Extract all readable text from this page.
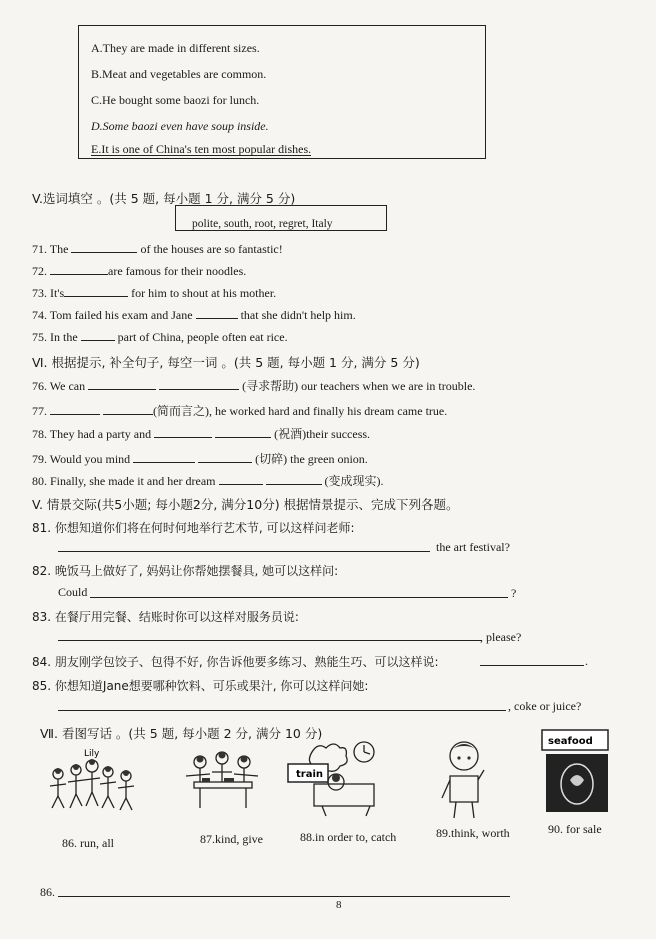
A.They are made in different sizes.
B.Meat and vegetables are common.
C.He bought some baozi for lunch.
D.Some baozi even have soup inside.
E.It is one of China's ten most popular dishes.
V.选词填空 。(共 5 题, 每小题 1 分, 满分 5 分)
polite, south, root, regret, Italy
71. The	of the houses are so fantastic!
72.	are famous for their noodles.
73. It's	for him to shout at his mother.
74. Tom failed his exam and Jane	that she didn't help him.
75. In the	part of China, people often eat rice.
Ⅵ. 根据提示, 补全句子, 每空一词 。(共 5 题, 每小题 1 分, 满分 5 分)
76. We can	(寻求帮助) our teachers when we are in trouble.
77.	(简而言之), he worked hard and finally his dream came true.
78. They had a party and	(祝酒)their success.
79. Would you mind	(切碎) the green onion.
80. Finally, she made it and her dream	(变成现实).
V. 情景交际(共5小题; 每小题2分, 满分10分) 根据情景提示、完成下列各题。
81. 你想知道你们将在何时何地举行艺术节, 可以这样问老师:
the art festival?
82. 晚饭马上做好了, 妈妈让你帮她摆餐具, 她可以这样问:
Could	?
83. 在餐厅用完餐、结账时你可以这样对服务员说:
, please?
84. 朋友刚学包饺子、包得不好, 你告诉他要多练习、熟能生巧、可以这样说:	.
85. 你想知道Jane想要哪种饮料、可乐或果汁, 你可以这样问她:
, coke or juice?
Ⅶ. 看图写话 。(共 5 题, 每小题 2 分, 满分 10 分)
Lily
train
seafood
86. run, all	87.kind, give	88.in order to, catch	89.think, worth	90. for sale
86.
8
